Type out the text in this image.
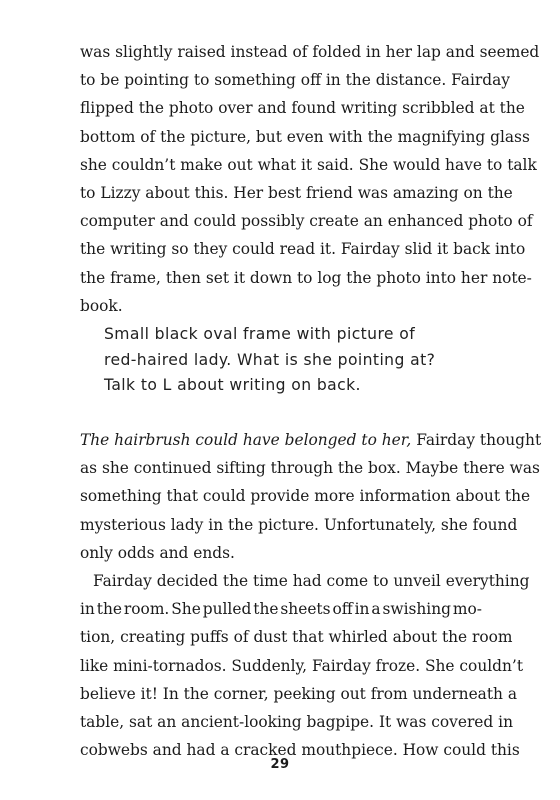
was slightly raised instead of folded in her lap and seemed
to be pointing to something off in the distance. Fairday
flipped the photo over and found writing scribbled at the
bottom of the picture, but even with the magnifying glass
she couldn’t make out what it said. She would have to talk
to Lizzy about this. Her best friend was amazing on the
computer and could possibly create an enhanced photo of
the writing so they could read it. Fairday slid it back into
the frame, then set it down to log the photo into her note-
book.
Small black oval frame with picture of
red-haired lady. What is she pointing at?
Talk to L about writing on back.
The hairbrush could have belonged to her, Fairday thought
as she continued sifting through the box. Maybe there was
something that could provide more information about the
mysterious lady in the picture. Unfortunately, she found
only odds and ends.
Fairday decided the time had come to unveil everything
in the room. She pulled the sheets off in a swishing mo-
tion, creating puffs of dust that whirled about the room
like mini-tornados. Suddenly, Fairday froze. She couldn’t
believe it! In the corner, peeking out from underneath a
table, sat an ancient-looking bagpipe. It was covered in
cobwebs and had a cracked mouthpiece. How could this
29
